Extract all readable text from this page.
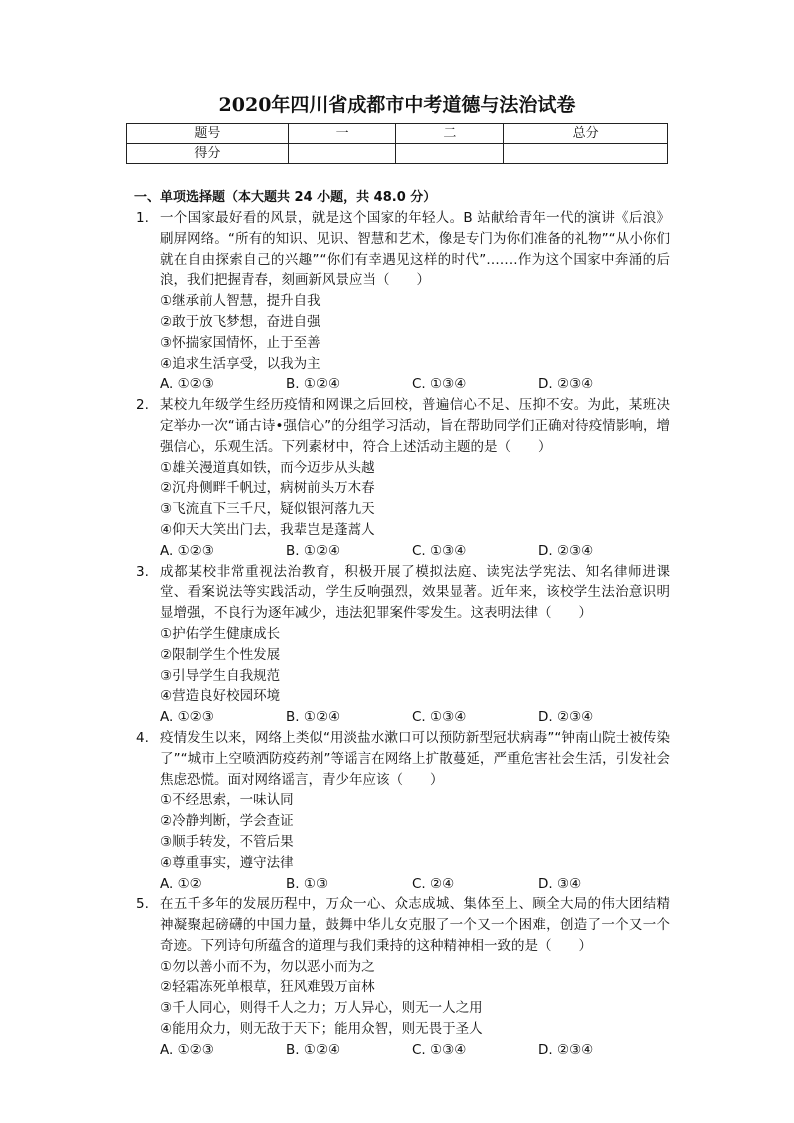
2020年四川省成都市中考道德与法治试卷
题号	一	二	总分
得分			
一、单项选择题（本大题共 24 小题，共 48.0 分）
1. 一个国家最好看的风景，就是这个国家的年轻人。B 站献给青年一代的演讲《后浪》刷屏网络。“所有的知识、见识、智慧和艺术，像是专门为你们准备的礼物”“从小你们就在自由探索自己的兴趣”“你们有幸遇见这样的时代”…….作为这个国家中奔涌的后浪，我们把握青春，刻画新风景应当（　　）
①继承前人智慧，提升自我
②敢于放飞梦想，奋进自强
③怀揣家国情怀，止于至善
④追求生活享受，以我为主
A. ①②③	B. ①②④	C. ①③④	D. ②③④
2. 某校九年级学生经历疫情和网课之后回校，普遍信心不足、压抑不安。为此，某班决定举办一次“诵古诗•强信心”的分组学习活动，旨在帮助同学们正确对待疫情影响，增强信心，乐观生活。下列素材中，符合上述活动主题的是（　　）
①雄关漫道真如铁，而今迈步从头越
②沉舟侧畔千帆过，病树前头万木春
③飞流直下三千尺，疑似银河落九天
④仰天大笑出门去，我辈岂是蓬蒿人
A. ①②③	B. ①②④	C. ①③④	D. ②③④
3. 成都某校非常重视法治教育，积极开展了模拟法庭、读宪法学宪法、知名律师进课堂、看案说法等实践活动，学生反响强烈，效果显著。近年来，该校学生法治意识明显增强，不良行为逐年减少，违法犯罪案件零发生。这表明法律（　　）
①护佑学生健康成长
②限制学生个性发展
③引导学生自我规范
④营造良好校园环境
A. ①②③	B. ①②④	C. ①③④	D. ②③④
4. 疫情发生以来，网络上类似“用淡盐水漱口可以预防新型冠状病毒”“钟南山院士被传染了”“城市上空喷洒防疫药剂”等谣言在网络上扩散蔓延，严重危害社会生活，引发社会焦虑恐慌。面对网络谣言，青少年应该（　　）
①不经思索，一味认同
②冷静判断，学会查证
③顺手转发，不管后果
④尊重事实，遵守法律
A. ①②	B. ①③	C. ②④	D. ③④
5. 在五千多年的发展历程中，万众一心、众志成城、集体至上、顾全大局的伟大团结精神凝聚起磅礴的中国力量，鼓舞中华儿女克服了一个又一个困难，创造了一个又一个奇迹。下列诗句所蕴含的道理与我们秉持的这种精神相一致的是（　　）
①勿以善小而不为，勿以恶小而为之
②轻霜冻死单根草，狂风难毁万亩林
③千人同心，则得千人之力；万人异心，则无一人之用
④能用众力，则无敌于天下；能用众智，则无畏于圣人
A. ①②③	B. ①②④	C. ①③④	D. ②③④
